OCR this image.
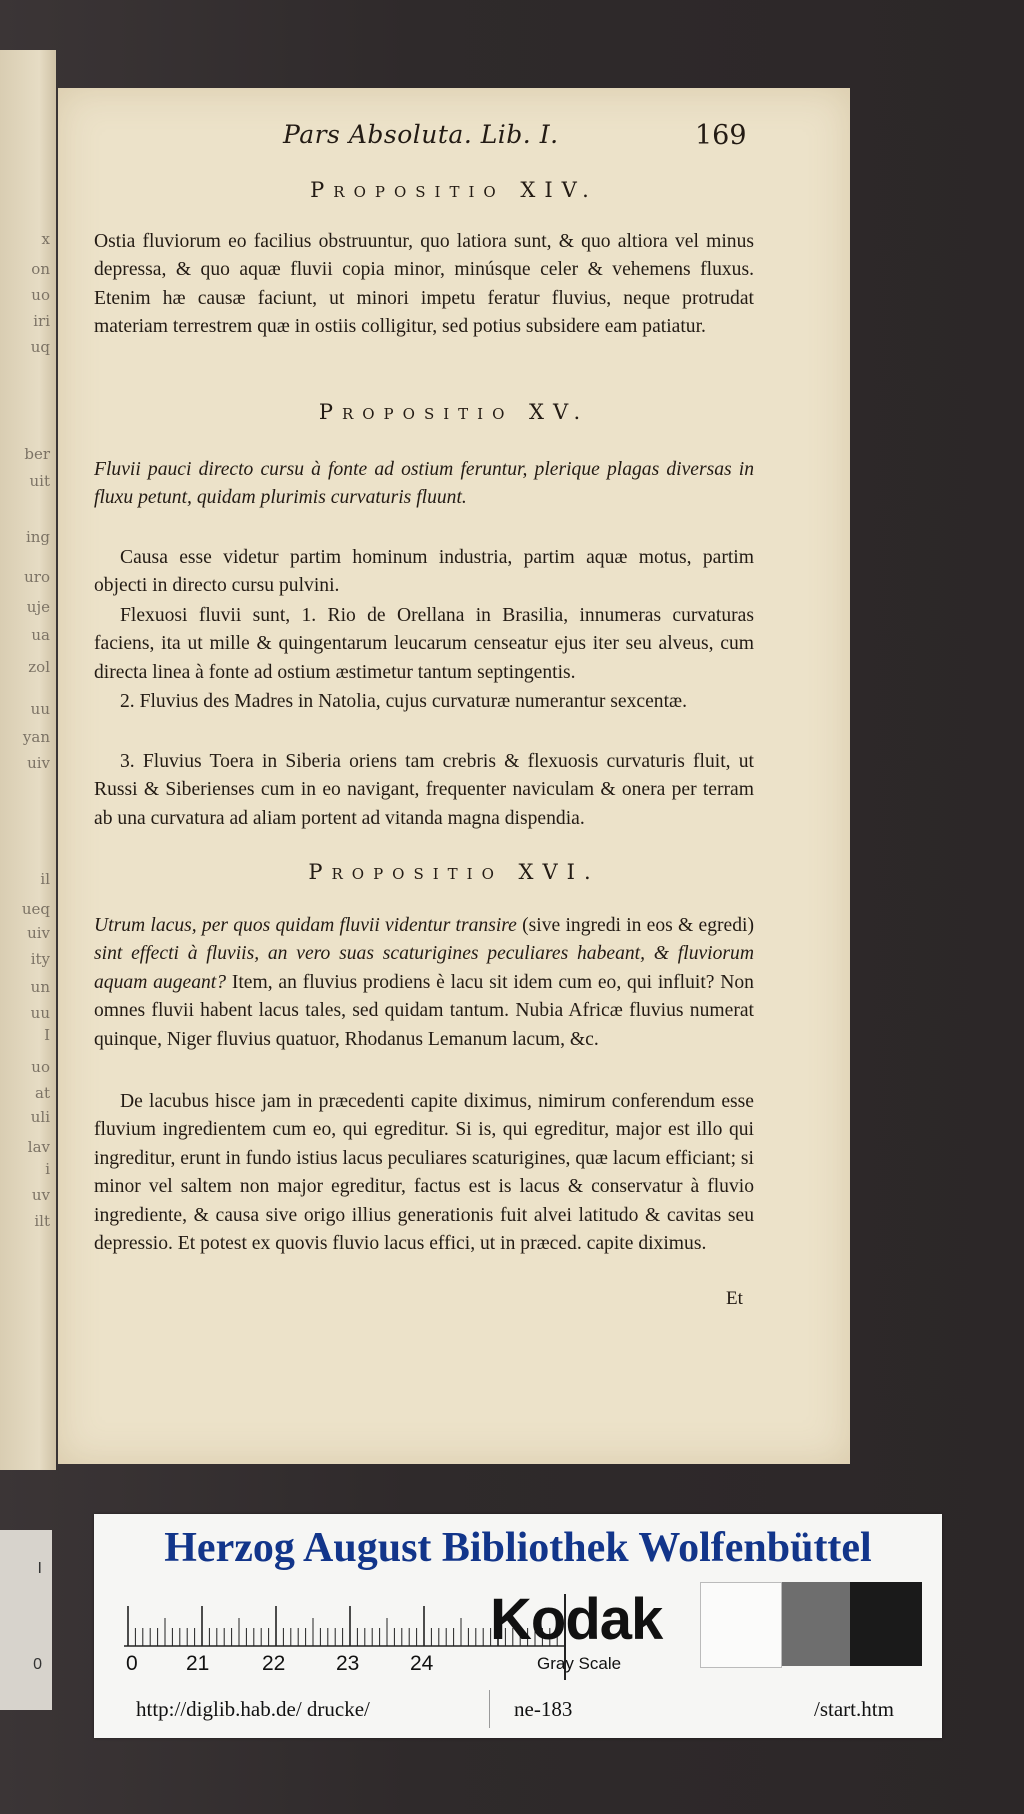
x
on
uo
iri
uq
ber
uit
ing
uro
uje
ua
zol
uu
yan
uiv
il
ueq
uiv
ity
un
uu
I
uo
at
uli
lav
i
uv
ilt
I
0
Pars Absoluta. Lib. I.	169
Propositio XIV.

Ostia fluviorum eo facilius obstruuntur, quo latiora sunt, & quo altiora vel minus depressa, & quo aquæ fluvii copia minor, minúsque celer & vehemens fluxus. Etenim hæ causæ faciunt, ut minori impetu feratur fluvius, neque protrudat materiam terrestrem quæ in ostiis colligitur, sed potius subsidere eam patiatur.

Propositio XV.

Fluvii pauci directo cursu à fonte ad ostium feruntur, plerique plagas diversas in fluxu petunt, quidam plurimis curvaturis fluunt.

Causa esse videtur partim hominum industria, partim aquæ motus, partim objecti in directo cursu pulvini.

Flexuosi fluvii sunt, 1. Rio de Orellana in Brasilia, innumeras curvaturas faciens, ita ut mille & quingentarum leucarum censeatur ejus iter seu alveus, cum directa linea à fonte ad ostium æstimetur tantum septingentis.

2. Fluvius des Madres in Natolia, cujus curvaturæ numerantur sexcentæ.

3. Fluvius Toera in Siberia oriens tam crebris & flexuosis curvaturis fluit, ut Russi & Siberienses cum in eo navigant, frequenter naviculam & onera per terram ab una curvatura ad aliam portent ad vitanda magna dispendia.

Propositio XVI.

Utrum lacus, per quos quidam fluvii videntur transire (sive ingredi in eos & egredi) sint effecti à fluviis, an vero suas scaturigines peculiares habeant, & fluviorum aquam augeant? Item, an fluvius prodiens è lacu sit idem cum eo, qui influit? Non omnes fluvii habent lacus tales, sed quidam tantum. Nubia Africæ fluvius numerat quinque, Niger fluvius quatuor, Rhodanus Lemanum lacum, &c.

De lacubus hisce jam in præcedenti capite diximus, nimirum conferendum esse fluvium ingredientem cum eo, qui egreditur. Si is, qui egreditur, major est illo qui ingreditur, erunt in fundo istius lacus peculiares scaturigines, quæ lacum efficiant; si minor vel saltem non major egreditur, factus est is lacus & conservatur à fluvio ingrediente, & causa sive origo illius generationis fuit alvei latitudo & cavitas seu depressio. Et potest ex quovis fluvio lacus effici, ut in præced. capite diximus.

Et
Herzog August Bibliothek Wolfenbüttel
0 21	22 23 24
Kodak
Gray Scale
http://diglib.hab.de/ drucke/	ne-183	/start.htm
